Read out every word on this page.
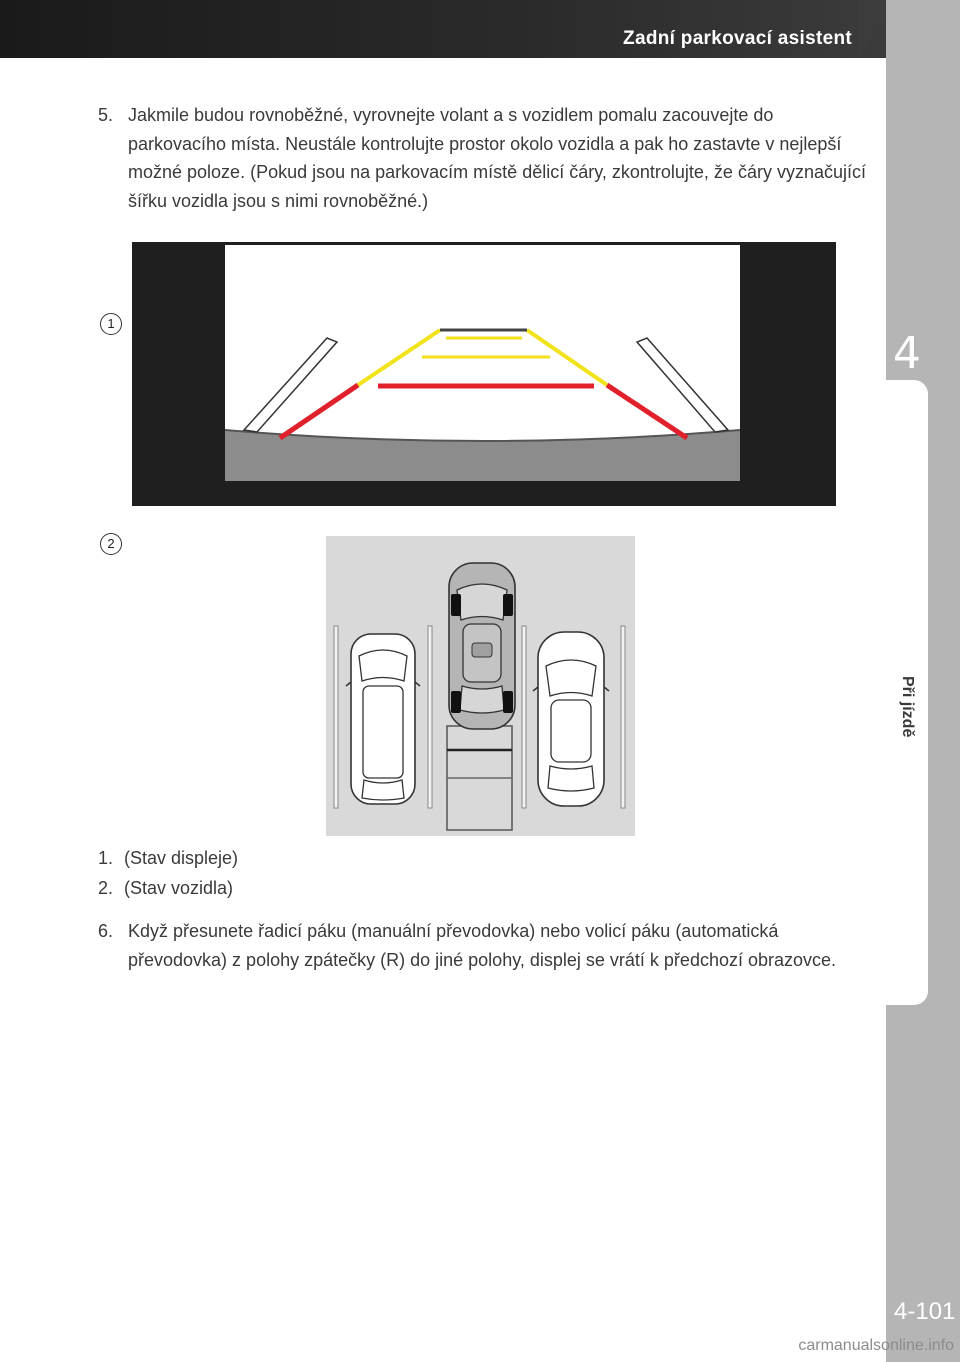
Zadní parkovací asistent
4
Při jízdě
5. Jakmile budou rovnoběžné, vyrovnejte volant a s vozidlem pomalu zacouvejte do parkovacího místa. Neustále kontrolujte prostor okolo vozidla a pak ho zastavte v nejlepší možné poloze. (Pokud jsou na parkovacím místě dělicí čáry, zkontrolujte, že čáry vyznačující šířku vozidla jsou s nimi rovnoběžné.)
1
2
1. (Stav displeje)
2. (Stav vozidla)
6. Když přesunete řadicí páku (manuální převodovka) nebo volicí páku (automatická převodovka) z polohy zpátečky (R) do jiné polohy, displej se vrátí k předchozí obrazovce.
4-101
carmanualsonline.info
